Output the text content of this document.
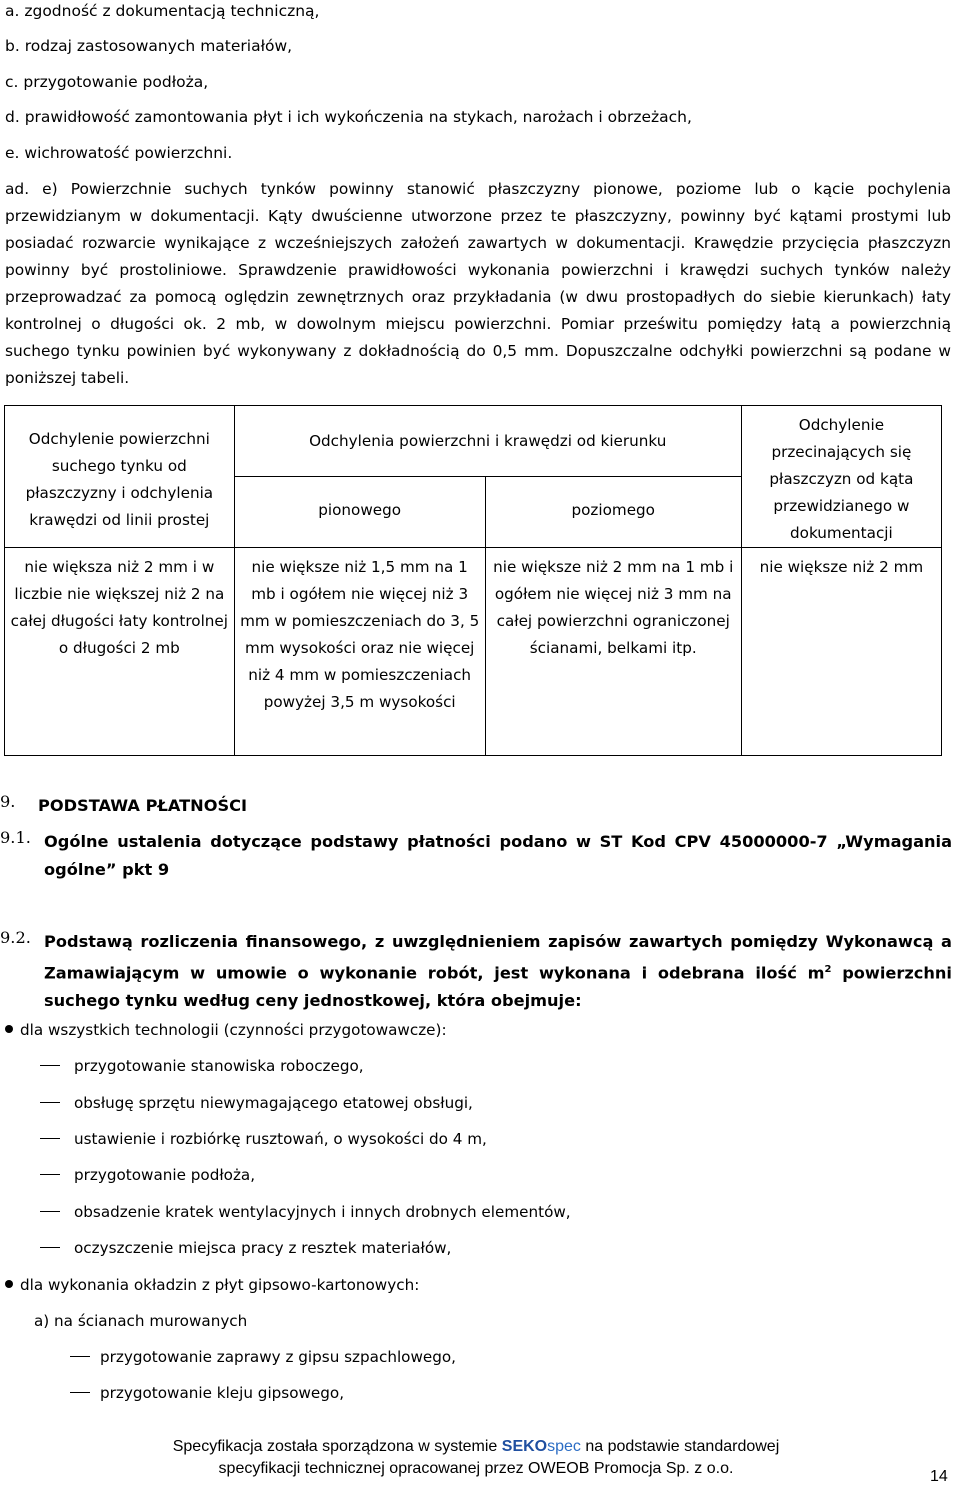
a. zgodność z dokumentacją techniczną,
b. rodzaj zastosowanych materiałów,
c. przygotowanie podłoża,
d. prawidłowość zamontowania płyt i ich wykończenia na stykach, narożach i obrzeżach,
e. wichrowatość powierzchni.
ad. e) Powierzchnie suchych tynków powinny stanowić płaszczyzny pionowe, poziome lub o kącie pochylenia przewidzianym w dokumentacji. Kąty dwuścienne utworzone przez te płaszczyzny, powinny być kątami prostymi lub posiadać rozwarcie wynikające z wcześniejszych założeń zawartych w dokumentacji. Krawędzie przycięcia płaszczyzn powinny być prostoliniowe. Sprawdzenie prawidłowości wykonania powierzchni i krawędzi suchych tynków należy przeprowadzać za pomocą oględzin zewnętrznych oraz przykładania (w dwu prostopadłych do siebie kierunkach) łaty kontrolnej o długości ok. 2 mb, w dowolnym miejscu powierzchni. Pomiar prześwitu pomiędzy łatą a powierzchnią suchego tynku powinien być wykonywany z dokładnością do 0,5 mm. Dopuszczalne odchyłki powierzchni są podane w poniższej tabeli.
Odchylenie powierzchni suchego tynku od płaszczyzny i odchylenia krawędzi od linii prostej	Odchylenia powierzchni i krawędzi od kierunku		Odchylenie przecinających się płaszczyzn od kąta przewidzianego w dokumentacji
	pionowego	poziomego	
nie większa niż 2 mm i w liczbie nie większej niż 2 na całej długości łaty kontrolnej o długości 2 mb	nie większe niż 1,5 mm na 1 mb i ogółem nie więcej niż 3 mm w pomieszczeniach do 3, 5 mm wysokości oraz nie więcej niż 4 mm w pomieszczeniach powyżej 3,5 m wysokości	nie większe niż 2 mm na 1 mb i ogółem nie więcej niż 3 mm na całej powierzchni ograniczonej ścianami, belkami itp.	nie większe niż 2 mm
9. PODSTAWA PŁATNOŚCI
9.1. Ogólne ustalenia dotyczące podstawy płatności podano w ST Kod CPV 45000000-7 „Wymagania ogólne” pkt 9
9.2. Podstawą rozliczenia finansowego, z uwzględnieniem zapisów zawartych pomiędzy Wykonawcą a Zamawiającym w umowie o wykonanie robót, jest wykonana i odebrana ilość $m^2$ powierzchni suchego tynku według ceny jednostkowej, która obejmuje:
dla wszystkich technologii (czynności przygotowawcze):
przygotowanie stanowiska roboczego,
obsługę sprzętu niewymagającego etatowej obsługi,
ustawienie i rozbiórkę rusztowań, o wysokości do 4 m,
przygotowanie podłoża,
obsadzenie kratek wentylacyjnych i innych drobnych elementów,
oczyszczenie miejsca pracy z resztek materiałów,
dla wykonania okładzin z płyt gipsowo-kartonowych:
a) na ścianach murowanych
przygotowanie zaprawy z gipsu szpachlowego,
przygotowanie kleju gipsowego,
Specyfikacja została sporządzona w systemie SEKOspec na podstawie standardowej
specyfikacji technicznej opracowanej przez OWEOB Promocja Sp. z o.o.	14
